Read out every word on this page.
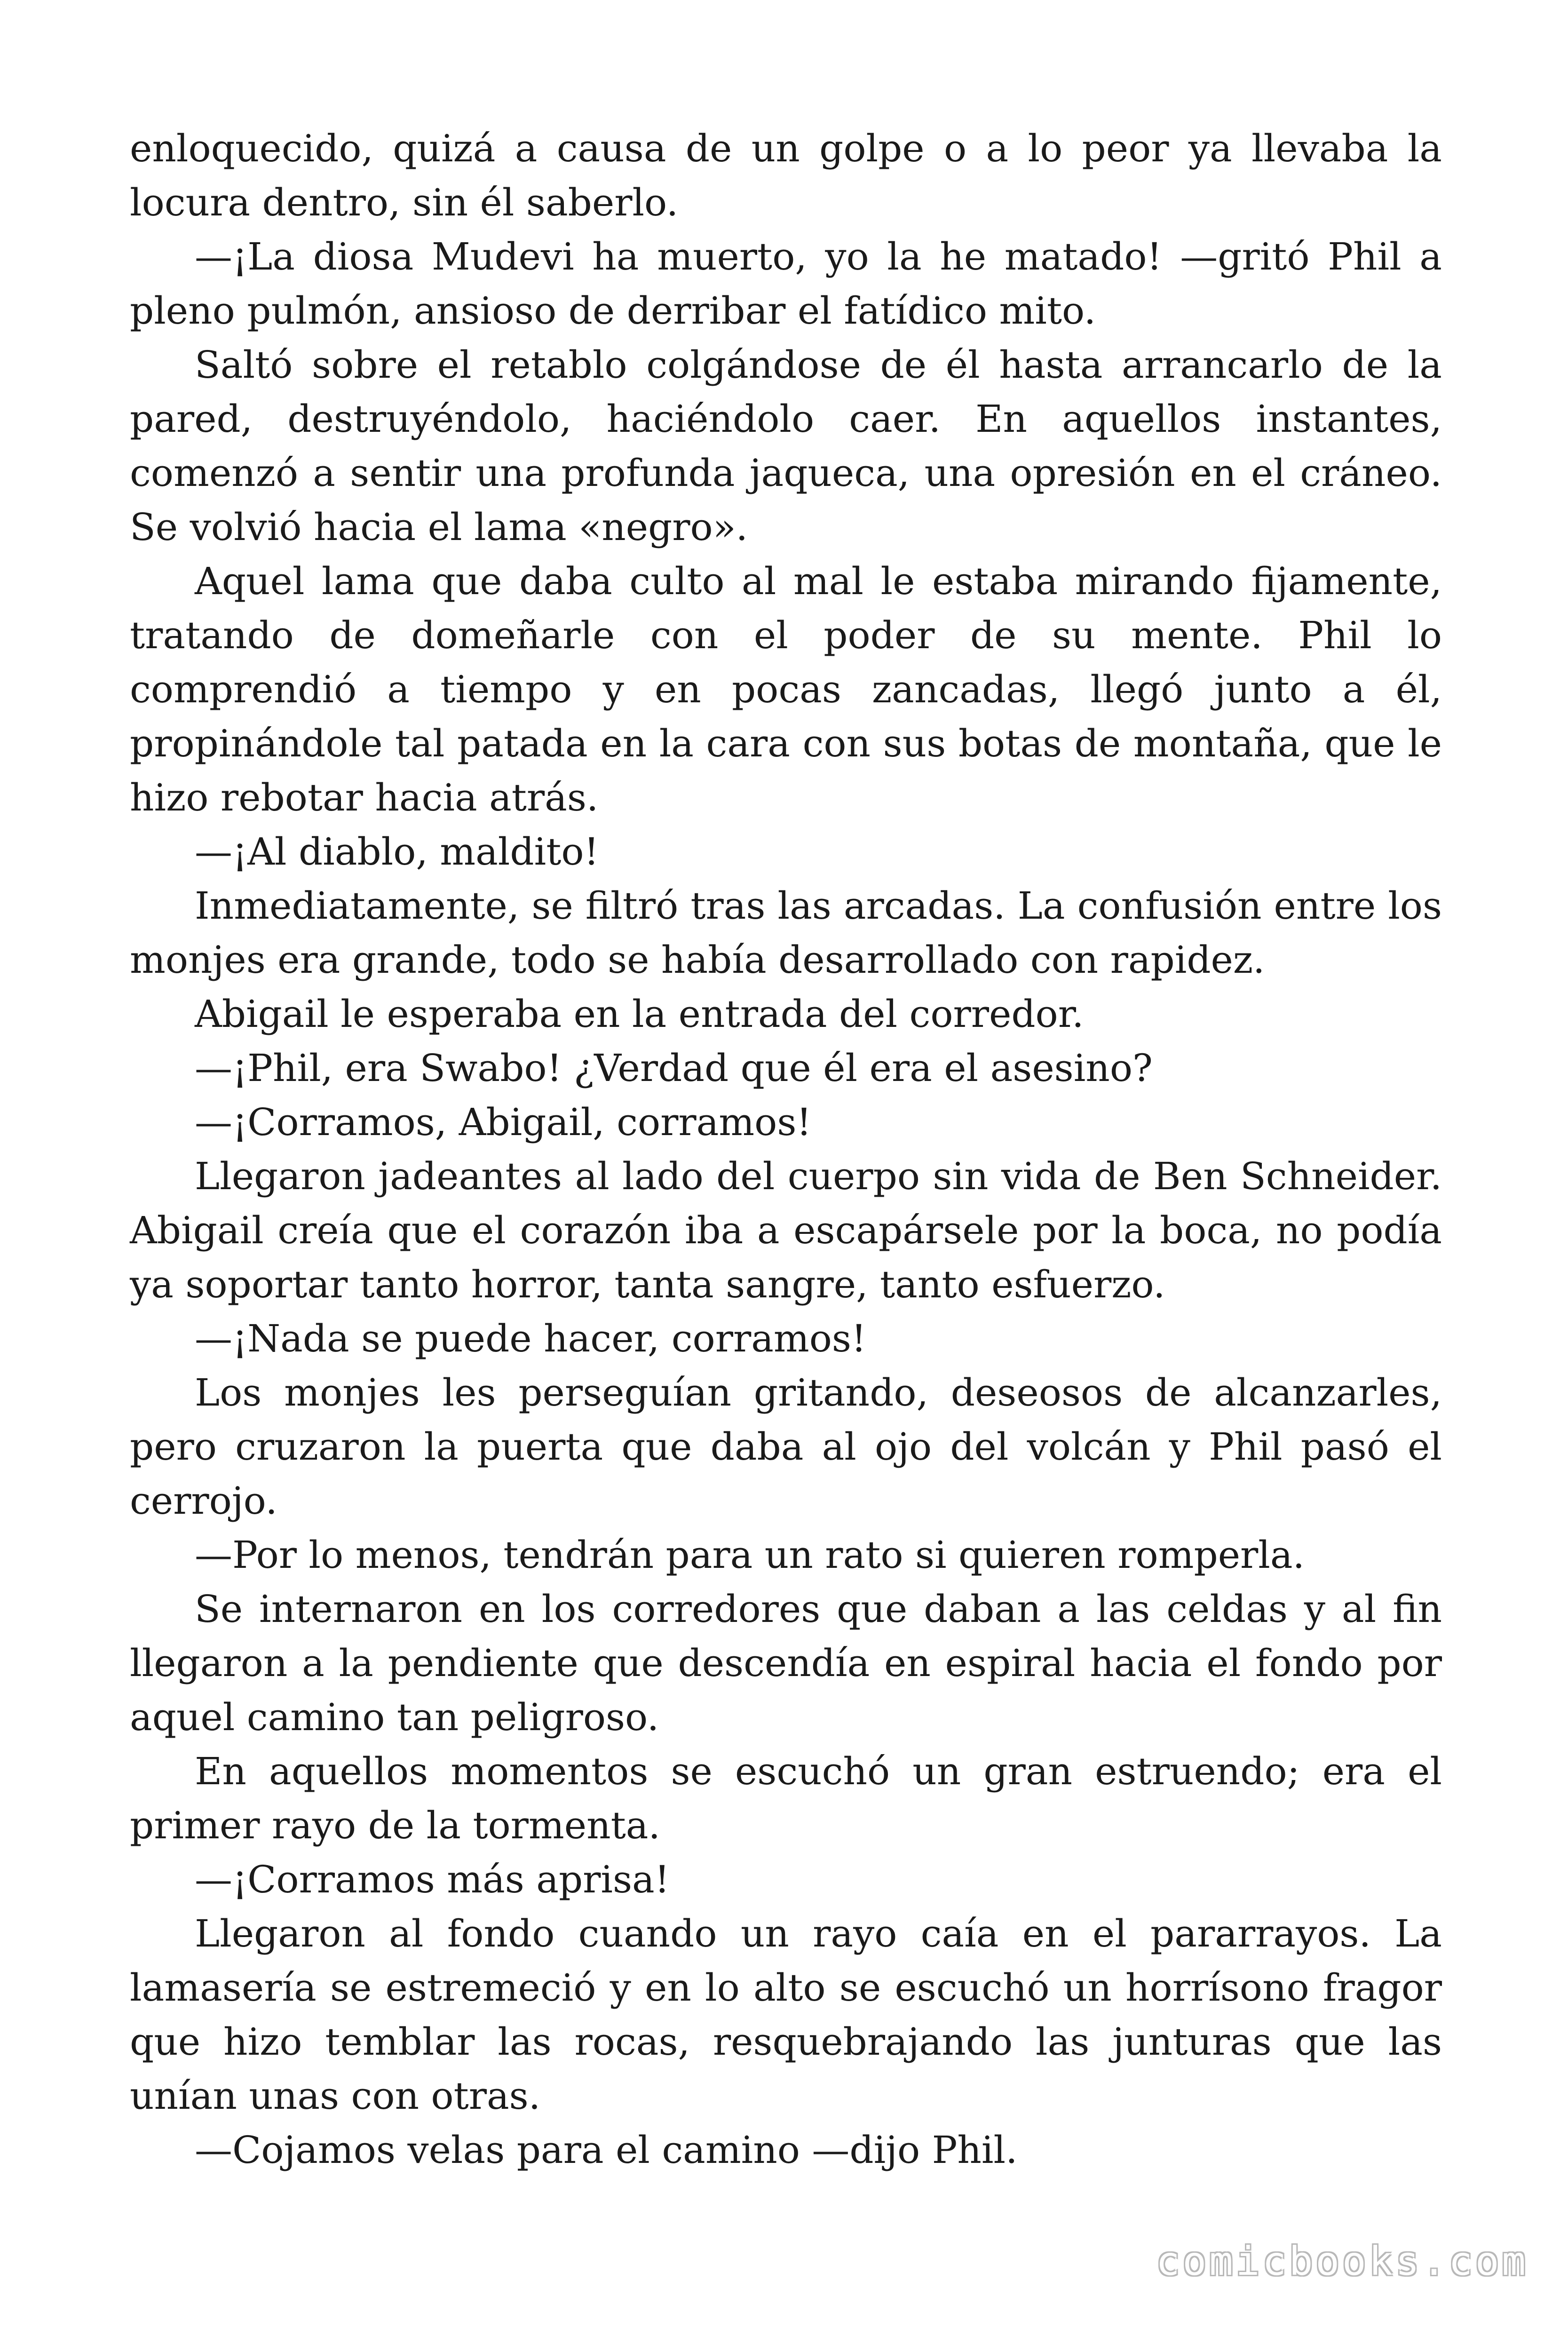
enloquecido, quizá a causa de un golpe o a lo peor ya llevaba la locura dentro, sin él saberlo.

—¡La diosa Mudevi ha muerto, yo la he matado! —gritó Phil a pleno pulmón, ansioso de derribar el fatídico mito.

Saltó sobre el retablo colgándose de él hasta arrancarlo de la pared, destruyéndolo, haciéndolo caer. En aquellos instantes, comenzó a sentir una profunda jaqueca, una opresión en el cráneo. Se volvió hacia el lama «negro».

Aquel lama que daba culto al mal le estaba mirando fijamente, tratando de domeñarle con el poder de su mente. Phil lo comprendió a tiempo y en pocas zancadas, llegó junto a él, propinándole tal patada en la cara con sus botas de montaña, que le hizo rebotar hacia atrás.

—¡Al diablo, maldito!

Inmediatamente, se filtró tras las arcadas. La confusión entre los monjes era grande, todo se había desarrollado con rapidez.

Abigail le esperaba en la entrada del corredor.

—¡Phil, era Swabo! ¿Verdad que él era el asesino?

—¡Corramos, Abigail, corramos!

Llegaron jadeantes al lado del cuerpo sin vida de Ben Schneider. Abigail creía que el corazón iba a escapársele por la boca, no podía ya soportar tanto horror, tanta sangre, tanto esfuerzo.

—¡Nada se puede hacer, corramos!

Los monjes les perseguían gritando, deseosos de alcanzarles, pero cruzaron la puerta que daba al ojo del volcán y Phil pasó el cerrojo.

—Por lo menos, tendrán para un rato si quieren romperla.

Se internaron en los corredores que daban a las celdas y al fin llegaron a la pendiente que descendía en espiral hacia el fondo por aquel camino tan peligroso.

En aquellos momentos se escuchó un gran estruendo; era el primer rayo de la tormenta.

—¡Corramos más aprisa!

Llegaron al fondo cuando un rayo caía en el pararrayos. La lamasería se estremeció y en lo alto se escuchó un horrísono fragor que hizo temblar las rocas, resquebrajando las junturas que las unían unas con otras.

—Cojamos velas para el camino —dijo Phil.

comicbooks.com
